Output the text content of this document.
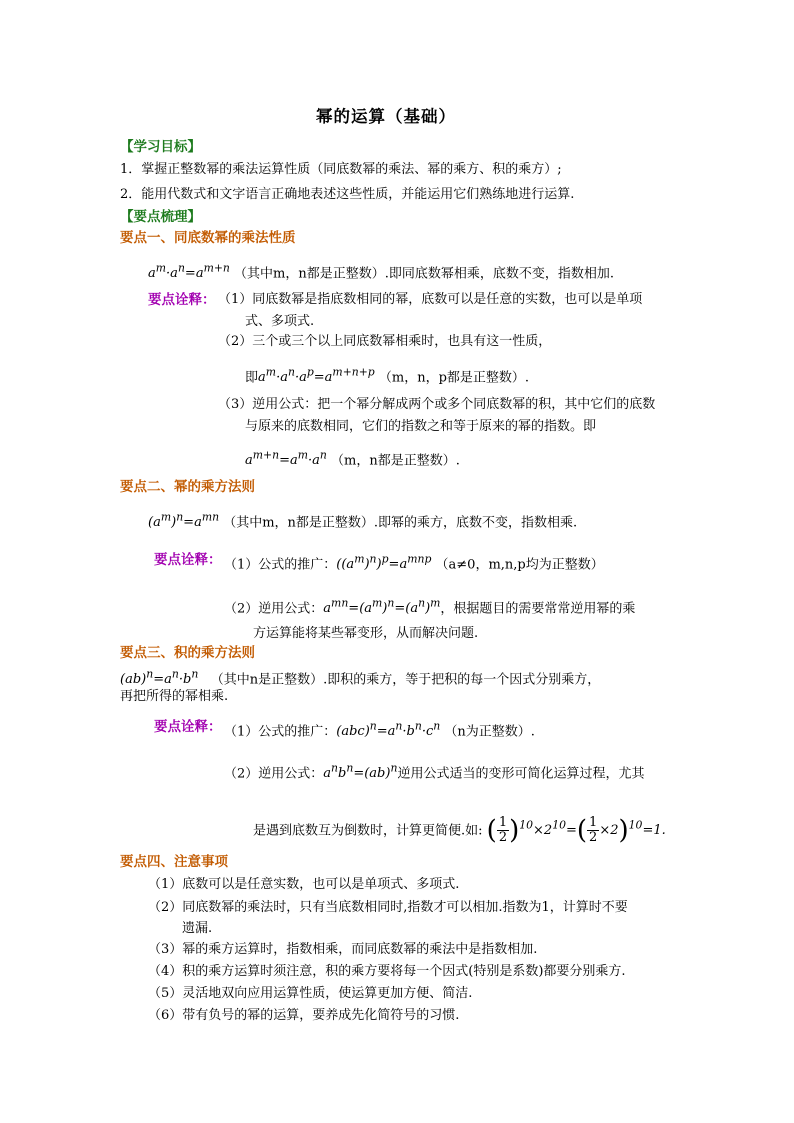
幂的运算（基础）
【学习目标】
1．掌握正整数幂的乘法运算性质（同底数幂的乘法、幂的乘方、积的乘方）;
2．能用代数式和文字语言正确地表述这些性质，并能运用它们熟练地进行运算.
【要点梳理】
要点一、同底数幂的乘法性质
$a^m\cdot a^n=a^{m+n}$ （其中m，n都是正整数）.即同底数幂相乘，底数不变，指数相加.
要点诠释： （1）同底数幂是指底数相同的幂，底数可以是任意的实数，也可以是单项
式、多项式.
（2）三个或三个以上同底数幂相乘时，也具有这一性质，
即$a^m\cdot a^n\cdot a^p=a^{m+n+p}$ （m，n，p都是正整数）.
（3）逆用公式：把一个幂分解成两个或多个同底数幂的积，其中它们的底数
与原来的底数相同，它们的指数之和等于原来的幂的指数。即
$a^{m+n}=a^m\cdot a^n$ （m，n都是正整数）.
要点二、幂的乘方法则
$(a^m)^n=a^{mn}$ （其中m，n都是正整数）.即幂的乘方，底数不变，指数相乘.
要点诠释： （1）公式的推广：$((a^m)^n)^p=a^{mnp}$ （a≠0，m,n,p均为正整数）
（2）逆用公式：$a^{mn}=(a^m)^n=(a^n)^m$，根据题目的需要常常逆用幂的乘
方运算能将某些幂变形，从而解决问题.
要点三、积的乘方法则
$(ab)^n=a^n\cdot b^n$ （其中n是正整数）.即积的乘方，等于把积的每一个因式分别乘方，
再把所得的幂相乘.
要点诠释： （1）公式的推广：$(abc)^n=a^n\cdot b^n\cdot c^n$ （n为正整数）.
（2）逆用公式：$a^nb^n=(ab)^n$逆用公式适当的变形可简化运算过程，尤其
是遇到底数互为倒数时，计算更简便.如: ( $\frac{1}{2} )^{10}\times 2^{10}=( \frac{1}{2} \times 2)^{10}=1$.
要点四、注意事项
（1）底数可以是任意实数，也可以是单项式、多项式.
（2）同底数幂的乘法时，只有当底数相同时,指数才可以相加.指数为1，计算时不要
遗漏.
（3）幂的乘方运算时，指数相乘，而同底数幂的乘法中是指数相加.
（4）积的乘方运算时须注意，积的乘方要将每一个因式(特别是系数)都要分别乘方.
（5）灵活地双向应用运算性质，使运算更加方便、简洁.
（6）带有负号的幂的运算，要养成先化简符号的习惯.
